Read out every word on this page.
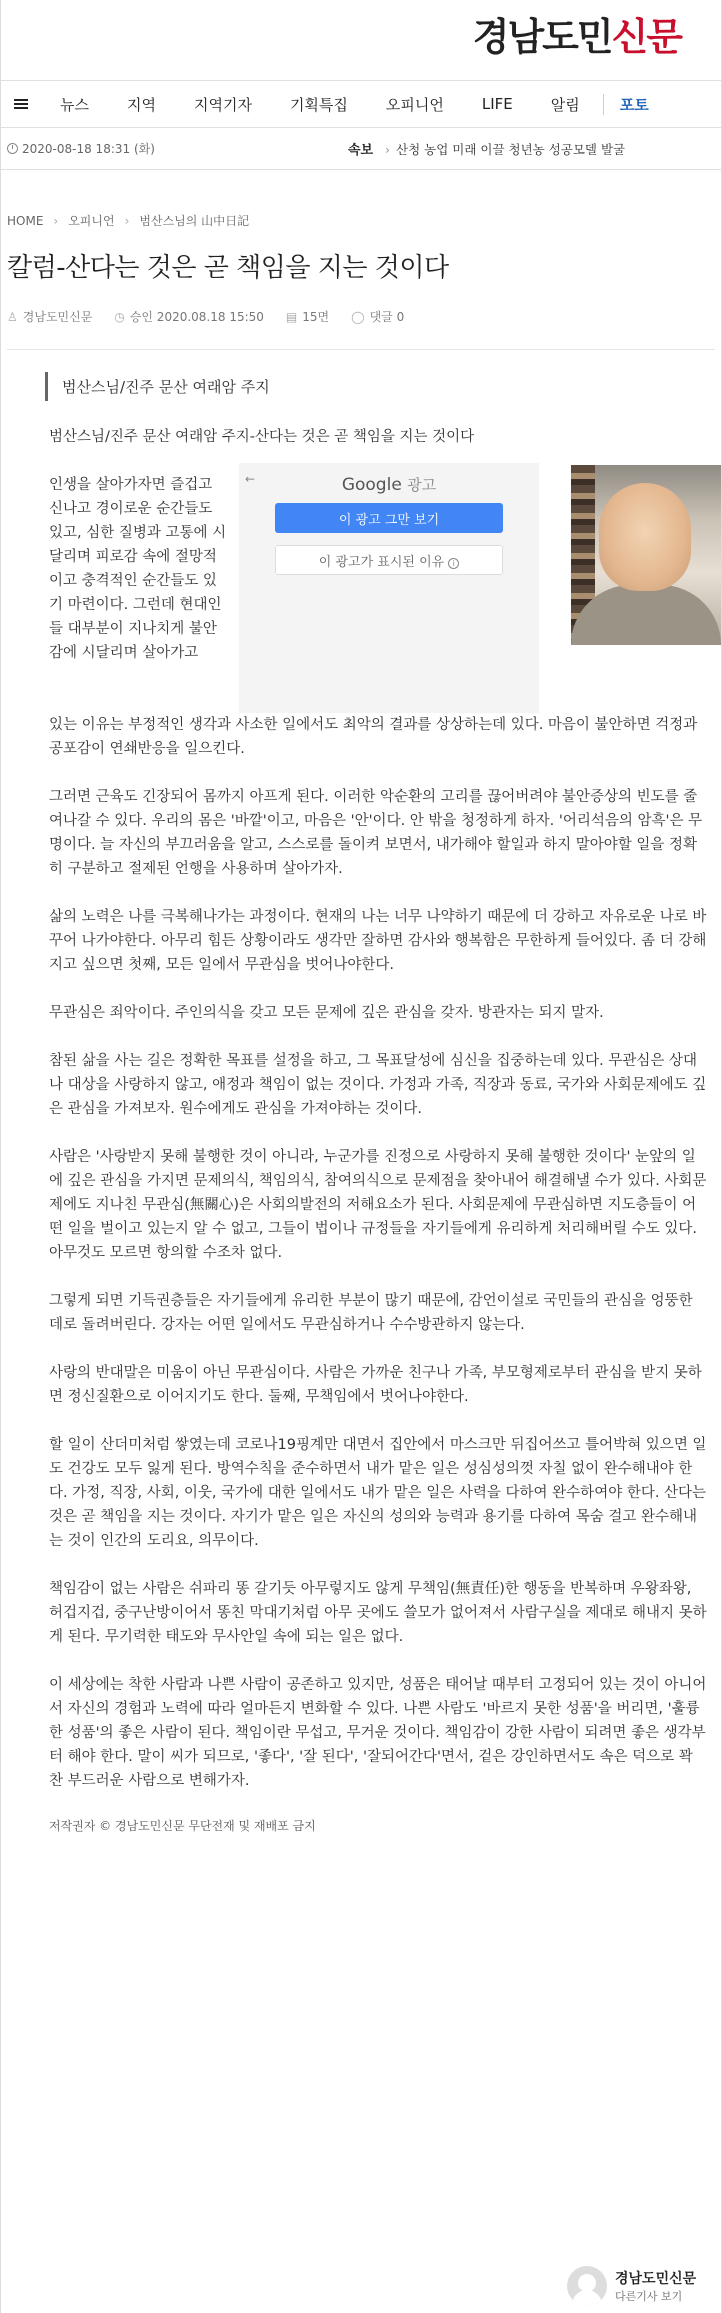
경남도민신문
뉴스	지역	지역기자	기획특집	오피니언	LIFE	알림	포토
2020-08-18 18:31 (화)	속보
›	산청 농업 미래 이끌 청년농 성공모델 발굴
HOME › 오피니언 › 범산스님의 山中日記
칼럼-산다는 것은 곧 책임을 지는 것이다
♙ 경남도민신문 ◷ 승인 2020.08.18 15:50 ▤ 15면 ◯ 댓글 0
범산스님/진주 문산 여래암 주지

범산스님/진주 문산 여래암 주지-산다는 것은 곧 책임을 지는 것이다

인생을 살아가자면 즐겁고 신나고 경이로운 순간들도 있고, 심한 질병과 고통에 시달리며 피로감 속에 절망적이고 충격적인 순간들도 있기 마련이다. 그런데 현대인들 대부분이 지나치게 불안감에 시달리며 살아가고
←	Google 광고
이 광고 그만 보기
이 광고가 표시된 이유 i

있는 이유는 부정적인 생각과 사소한 일에서도 최악의 결과를 상상하는데 있다. 마음이 불안하면 걱정과 공포감이 연쇄반응을 일으킨다.

그러면 근육도 긴장되어 몸까지 아프게 된다. 이러한 악순환의 고리를 끊어버려야 불안증상의 빈도를 줄여나갈 수 있다. 우리의 몸은 '바깥'이고, 마음은 '안'이다. 안 밖을 청정하게 하자. '어리석음의 암흑'은 무명이다. 늘 자신의 부끄러움을 알고, 스스로를 돌이켜 보면서, 내가해야 할일과 하지 말아야할 일을 정확히 구분하고 절제된 언행을 사용하며 살아가자.

삶의 노력은 나를 극복해나가는 과정이다. 현재의 나는 너무 나약하기 때문에 더 강하고 자유로운 나로 바꾸어 나가야한다. 아무리 힘든 상황이라도 생각만 잘하면 감사와 행복함은 무한하게 들어있다. 좀 더 강해지고 싶으면 첫째, 모든 일에서 무관심을 벗어나야한다.

무관심은 죄악이다. 주인의식을 갖고 모든 문제에 깊은 관심을 갖자. 방관자는 되지 말자.

참된 삶을 사는 길은 정확한 목표를 설정을 하고, 그 목표달성에 심신을 집중하는데 있다. 무관심은 상대나 대상을 사랑하지 않고, 애정과 책임이 없는 것이다. 가정과 가족, 직장과 동료, 국가와 사회문제에도 깊은 관심을 가져보자. 원수에게도 관심을 가져야하는 것이다.

사람은 '사랑받지 못해 불행한 것이 아니라, 누군가를 진정으로 사랑하지 못해 불행한 것이다' 눈앞의 일에 깊은 관심을 가지면 문제의식, 책임의식, 참여의식으로 문제점을 찾아내어 해결해낼 수가 있다. 사회문제에도 지나친 무관심(無關心)은 사회의발전의 저해요소가 된다. 사회문제에 무관심하면 지도층들이 어떤 일을 벌이고 있는지 알 수 없고, 그들이 법이나 규정들을 자기들에게 유리하게 처리해버릴 수도 있다. 아무것도 모르면 항의할 수조차 없다.

그렇게 되면 기득권층들은 자기들에게 유리한 부분이 많기 때문에, 감언이설로 국민들의 관심을 엉뚱한 데로 돌려버린다. 강자는 어떤 일에서도 무관심하거나 수수방관하지 않는다.

사랑의 반대말은 미움이 아닌 무관심이다. 사람은 가까운 친구나 가족, 부모형제로부터 관심을 받지 못하면 정신질환으로 이어지기도 한다. 둘째, 무책임에서 벗어나야한다.

할 일이 산더미처럼 쌓였는데 코로나19핑계만 대면서 집안에서 마스크만 뒤집어쓰고 틀어박혀 있으면 일도 건강도 모두 잃게 된다. 방역수칙을 준수하면서 내가 맡은 일은 성심성의껏 자칠 없이 완수해내야 한다. 가정, 직장, 사회, 이웃, 국가에 대한 일에서도 내가 맡은 일은 사력을 다하여 완수하여야 한다. 산다는 것은 곧 책임을 지는 것이다. 자기가 맡은 일은 자신의 성의와 능력과 용기를 다하여 목숨 걸고 완수해내는 것이 인간의 도리요, 의무이다.

책임감이 없는 사람은 쉬파리 똥 갈기듯 아무렇지도 않게 무책임(無責任)한 행동을 반복하며 우왕좌왕, 허겁지겁, 중구난방이어서 똥친 막대기처럼 아무 곳에도 쓸모가 없어져서 사람구실을 제대로 해내지 못하게 된다. 무기력한 태도와 무사안일 속에 되는 일은 없다.

이 세상에는 착한 사람과 나쁜 사람이 공존하고 있지만, 성품은 태어날 때부터 고정되어 있는 것이 아니어서 자신의 경험과 노력에 따라 얼마든지 변화할 수 있다. 나쁜 사람도 '바르지 못한 성품'을 버리면, '훌륭한 성품'의 좋은 사람이 된다. 책임이란 무섭고, 무거운 것이다. 책임감이 강한 사람이 되려면 좋은 생각부터 해야 한다. 말이 씨가 되므로, '좋다', '잘 된다', '잘되어간다'면서, 겉은 강인하면서도 속은 덕으로 꽉 찬 부드러운 사람으로 변해가자.

저작권자 © 경남도민신문 무단전재 및 재배포 금지
경남도민신문
다른기사 보기
